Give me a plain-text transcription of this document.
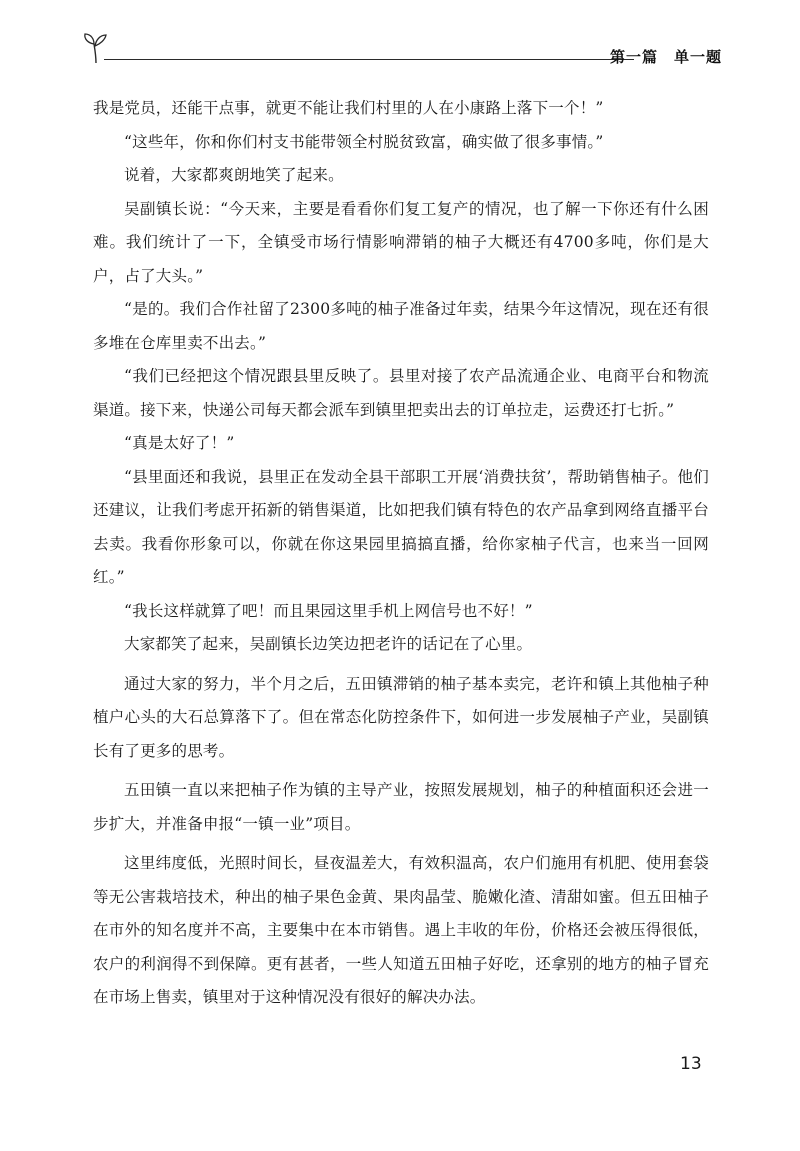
第一篇　单一题

我是党员，还能干点事，就更不能让我们村里的人在小康路上落下一个！”

“这些年，你和你们村支书能带领全村脱贫致富，确实做了很多事情。”

说着，大家都爽朗地笑了起来。

吴副镇长说：“今天来，主要是看看你们复工复产的情况，也了解一下你还有什么困难。我们统计了一下，全镇受市场行情影响滞销的柚子大概还有4700多吨，你们是大户，占了大头。”

“是的。我们合作社留了2300多吨的柚子准备过年卖，结果今年这情况，现在还有很多堆在仓库里卖不出去。”

“我们已经把这个情况跟县里反映了。县里对接了农产品流通企业、电商平台和物流渠道。接下来，快递公司每天都会派车到镇里把卖出去的订单拉走，运费还打七折。”

“真是太好了！”

“县里面还和我说，县里正在发动全县干部职工开展‘消费扶贫’，帮助销售柚子。他们还建议，让我们考虑开拓新的销售渠道，比如把我们镇有特色的农产品拿到网络直播平台去卖。我看你形象可以，你就在你这果园里搞搞直播，给你家柚子代言，也来当一回网红。”

“我长这样就算了吧！而且果园这里手机上网信号也不好！”

大家都笑了起来，吴副镇长边笑边把老许的话记在了心里。

通过大家的努力，半个月之后，五田镇滞销的柚子基本卖完，老许和镇上其他柚子种植户心头的大石总算落下了。但在常态化防控条件下，如何进一步发展柚子产业，吴副镇长有了更多的思考。

五田镇一直以来把柚子作为镇的主导产业，按照发展规划，柚子的种植面积还会进一步扩大，并准备申报“一镇一业”项目。

这里纬度低，光照时间长，昼夜温差大，有效积温高，农户们施用有机肥、使用套袋等无公害栽培技术，种出的柚子果色金黄、果肉晶莹、脆嫩化渣、清甜如蜜。但五田柚子在市外的知名度并不高，主要集中在本市销售。遇上丰收的年份，价格还会被压得很低，农户的利润得不到保障。更有甚者，一些人知道五田柚子好吃，还拿别的地方的柚子冒充在市场上售卖，镇里对于这种情况没有很好的解决办法。

13
